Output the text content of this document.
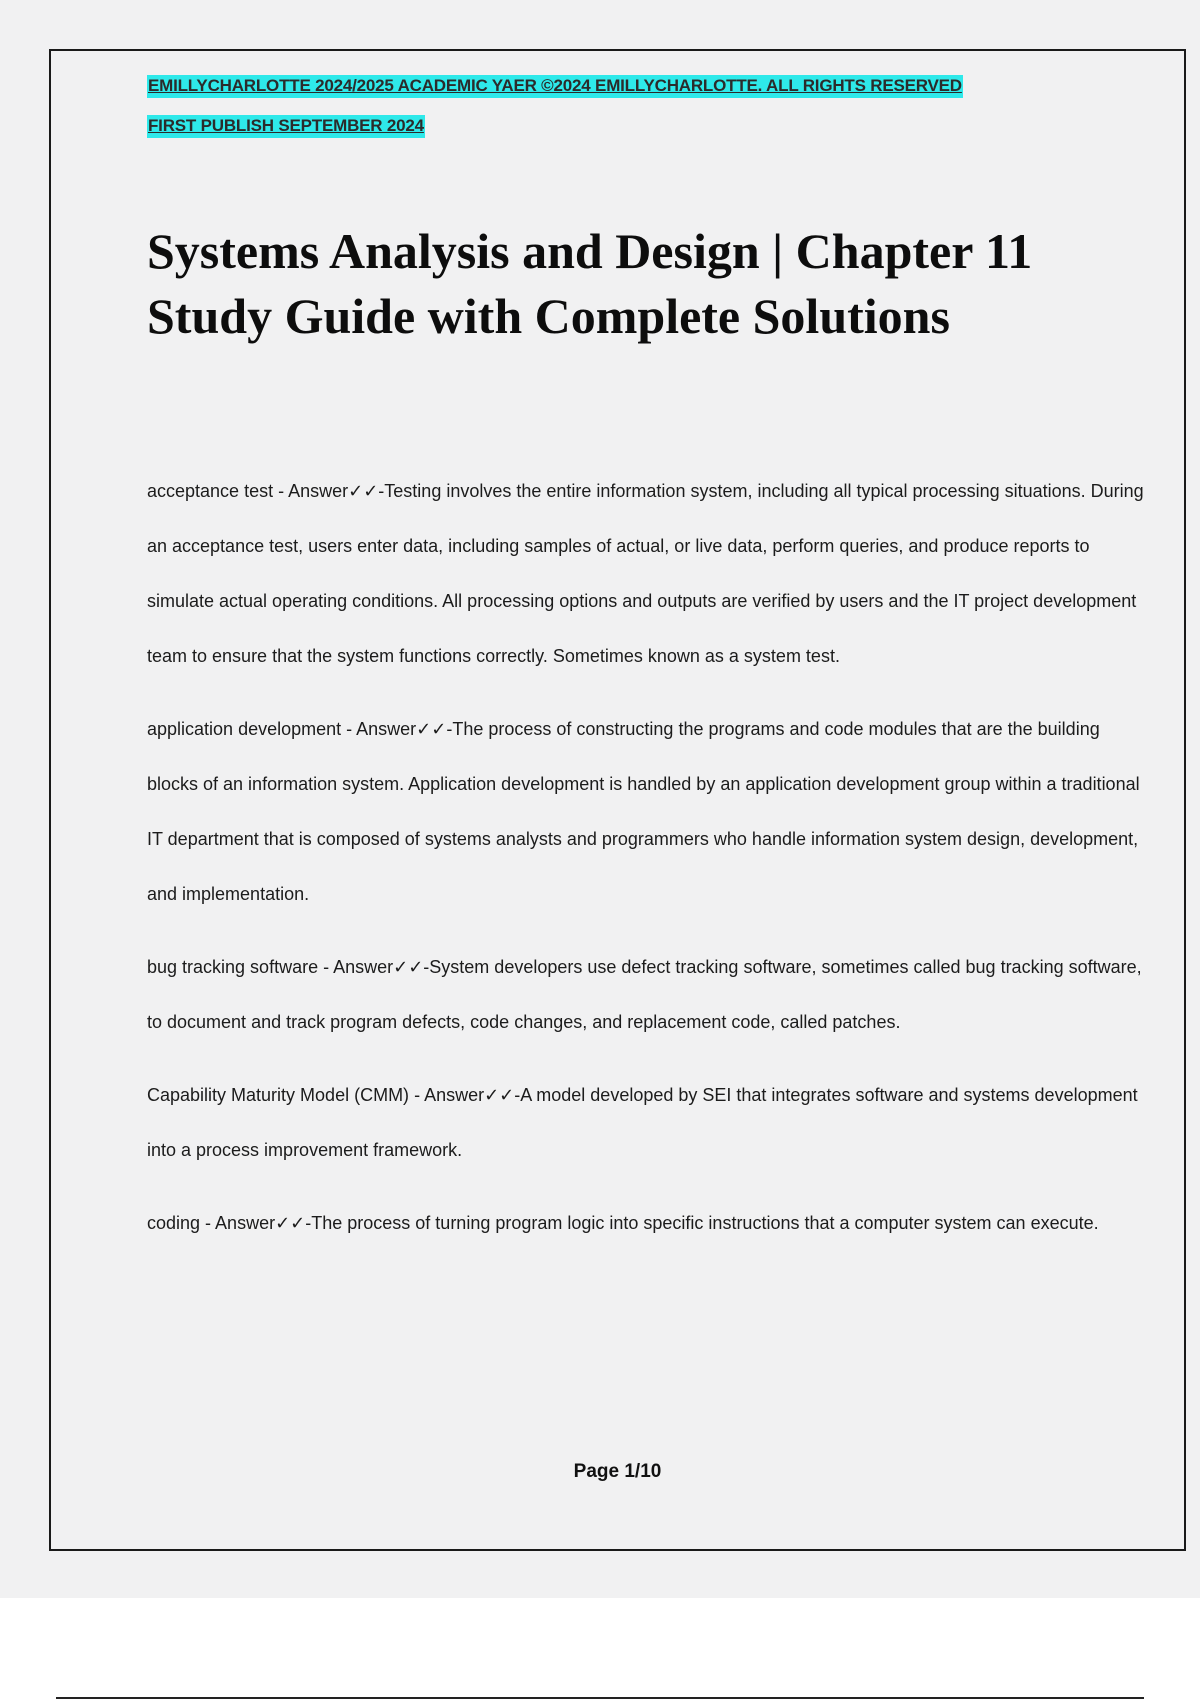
EMILLYCHARLOTTE 2024/2025 ACADEMIC YAER ©2024 EMILLYCHARLOTTE. ALL RIGHTS RESERVED
FIRST PUBLISH SEPTEMBER 2024
Systems Analysis and Design | Chapter 11 Study Guide with Complete Solutions

acceptance test - Answer✓✓-Testing involves the entire information system, including all typical processing situations. During an acceptance test, users enter data, including samples of actual, or live data, perform queries, and produce reports to simulate actual operating conditions. All processing options and outputs are verified by users and the IT project development team to ensure that the system functions correctly. Sometimes known as a system test.

application development - Answer✓✓-The process of constructing the programs and code modules that are the building blocks of an information system. Application development is handled by an application development group within a traditional IT department that is composed of systems analysts and programmers who handle information system design, development, and implementation.

bug tracking software - Answer✓✓-System developers use defect tracking software, sometimes called bug tracking software, to document and track program defects, code changes, and replacement code, called patches.

Capability Maturity Model (CMM) - Answer✓✓-A model developed by SEI that integrates software and systems development into a process improvement framework.

coding - Answer✓✓-The process of turning program logic into specific instructions that a computer system can execute.

Page 1/10
